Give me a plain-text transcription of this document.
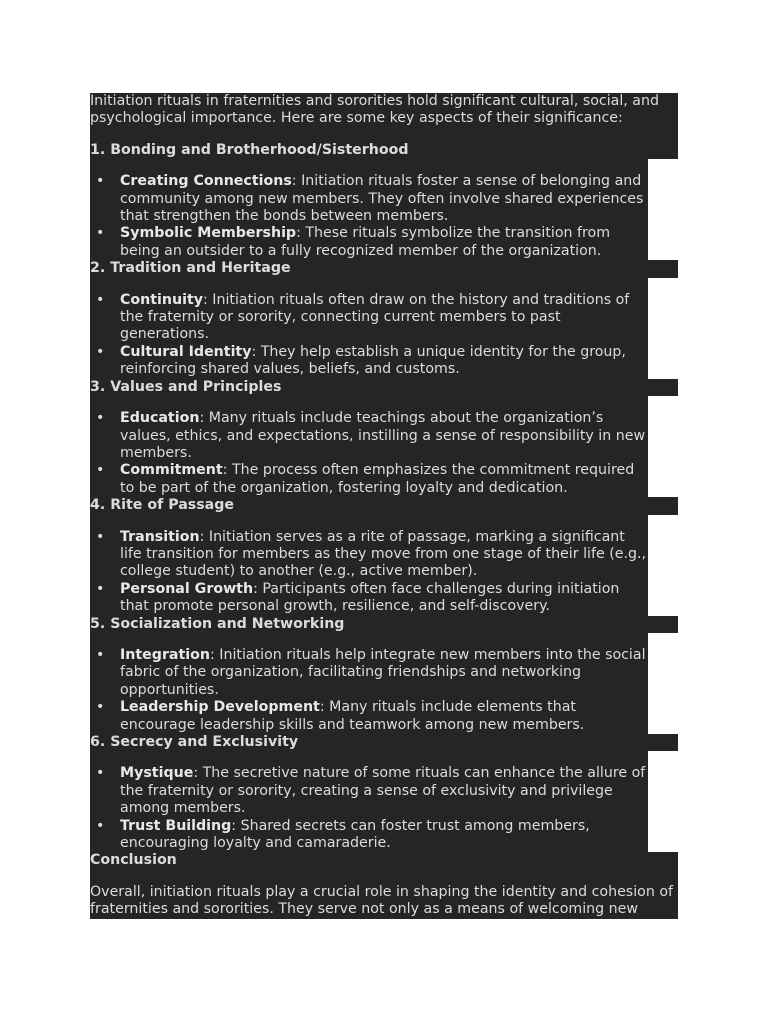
Initiation rituals in fraternities and sororities hold significant cultural, social, and psychological importance. Here are some key aspects of their significance:

1. Bonding and Brotherhood/Sisterhood
• Creating Connections: Initiation rituals foster a sense of belonging and community among new members. They often involve shared experiences that strengthen the bonds between members.
• Symbolic Membership: These rituals symbolize the transition from being an outsider to a fully recognized member of the organization.
2. Tradition and Heritage
• Continuity: Initiation rituals often draw on the history and traditions of the fraternity or sorority, connecting current members to past generations.
• Cultural Identity: They help establish a unique identity for the group, reinforcing shared values, beliefs, and customs.
3. Values and Principles
• Education: Many rituals include teachings about the organization’s values, ethics, and expectations, instilling a sense of responsibility in new members.
• Commitment: The process often emphasizes the commitment required to be part of the organization, fostering loyalty and dedication.
4. Rite of Passage
• Transition: Initiation serves as a rite of passage, marking a significant life transition for members as they move from one stage of their life (e.g., college student) to another (e.g., active member).
• Personal Growth: Participants often face challenges during initiation that promote personal growth, resilience, and self-discovery.
5. Socialization and Networking
• Integration: Initiation rituals help integrate new members into the social fabric of the organization, facilitating friendships and networking opportunities.
• Leadership Development: Many rituals include elements that encourage leadership skills and teamwork among new members.
6. Secrecy and Exclusivity
• Mystique: The secretive nature of some rituals can enhance the allure of the fraternity or sorority, creating a sense of exclusivity and privilege among members.
• Trust Building: Shared secrets can foster trust among members, encouraging loyalty and camaraderie.
Conclusion

Overall, initiation rituals play a crucial role in shaping the identity and cohesion of fraternities and sororities. They serve not only as a means of welcoming new
